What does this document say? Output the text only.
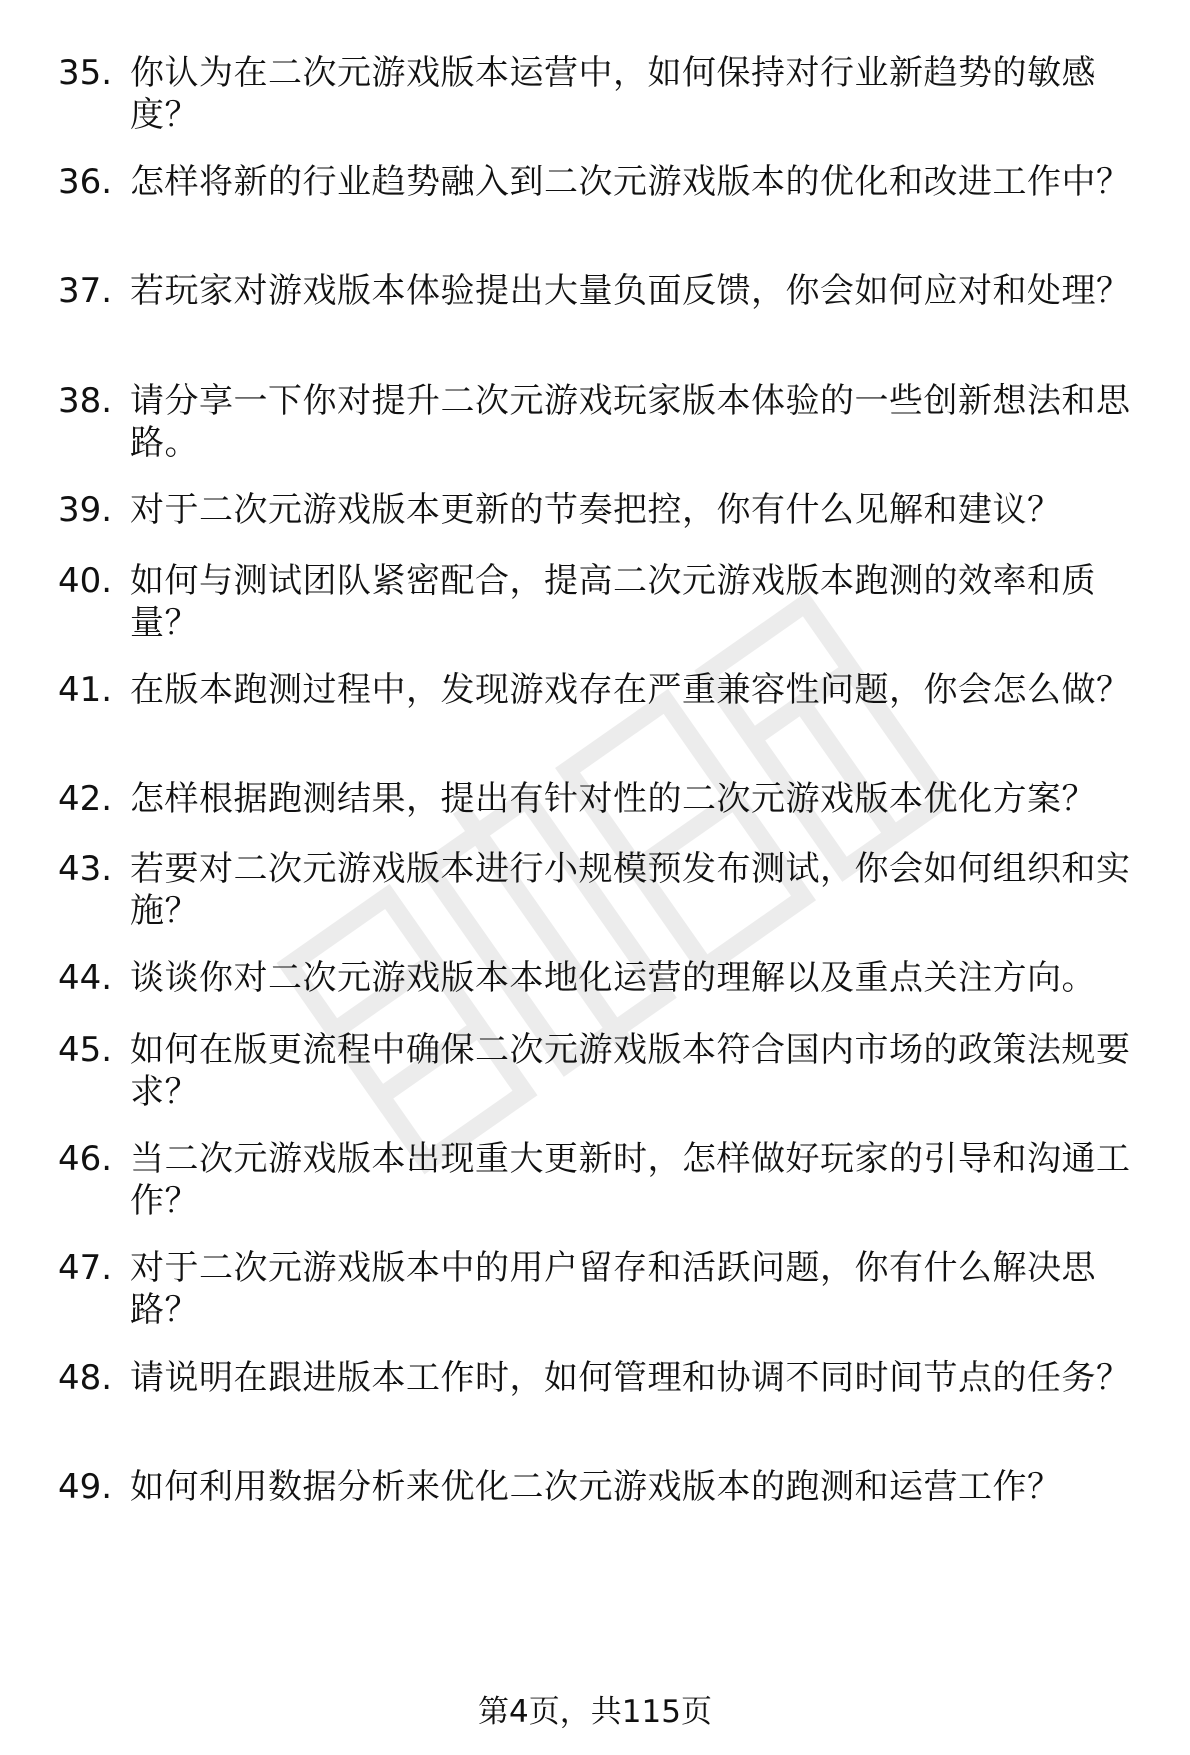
35. 你认为在二次元游戏版本运营中，如何保持对行业新趋势的敏感度？
36. 怎样将新的行业趋势融入到二次元游戏版本的优化和改进工作中？
37. 若玩家对游戏版本体验提出大量负面反馈，你会如何应对和处理？
38. 请分享一下你对提升二次元游戏玩家版本体验的一些创新想法和思路。
39. 对于二次元游戏版本更新的节奏把控，你有什么见解和建议？
40. 如何与测试团队紧密配合，提高二次元游戏版本跑测的效率和质量？
41. 在版本跑测过程中，发现游戏存在严重兼容性问题，你会怎么做？
42. 怎样根据跑测结果，提出有针对性的二次元游戏版本优化方案？
43. 若要对二次元游戏版本进行小规模预发布测试，你会如何组织和实施？
44. 谈谈你对二次元游戏版本本地化运营的理解以及重点关注方向。
45. 如何在版更流程中确保二次元游戏版本符合国内市场的政策法规要求？
46. 当二次元游戏版本出现重大更新时，怎样做好玩家的引导和沟通工作？
47. 对于二次元游戏版本中的用户留存和活跃问题，你有什么解决思路？
48. 请说明在跟进版本工作时，如何管理和协调不同时间节点的任务？
49. 如何利用数据分析来优化二次元游戏版本的跑测和运营工作？
第4页，共115页
